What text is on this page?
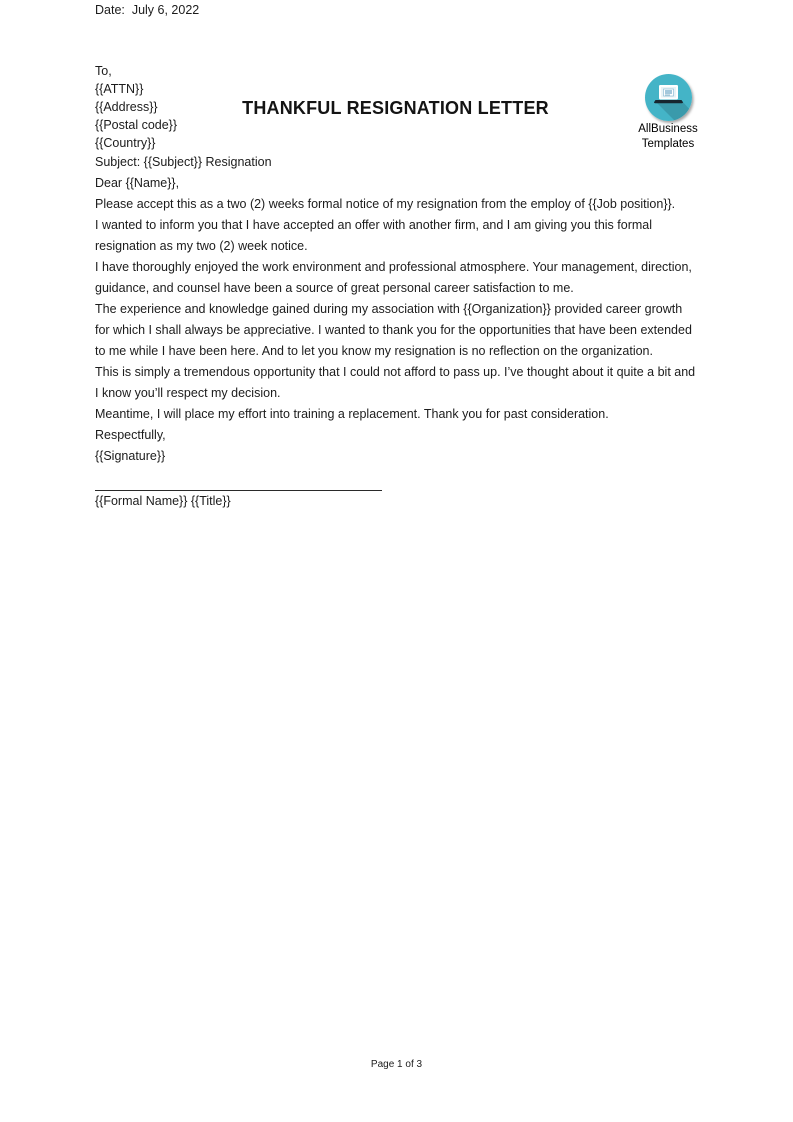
THANKFUL RESIGNATION LETTER
AllBusiness
Templates

Date:  July 6, 2022

To,

{{ATTN}}

{{Address}}

{{Postal code}}

{{Country}}

Subject: {{Subject}} Resignation

Dear {{Name}},

Please accept this as a two (2) weeks formal notice of my resignation from the employ of {{Job position}}.

I wanted to inform you that I have accepted an offer with another firm, and I am giving you this formal resignation as my two (2) week notice.

I have thoroughly enjoyed the work environment and professional atmosphere. Your management, direction, guidance, and counsel have been a source of great personal career satisfaction to me.

The experience and knowledge gained during my association with {{Organization}} provided career growth for which I shall always be appreciative. I wanted to thank you for the opportunities that have been extended to me while I have been here. And to let you know my resignation is no reflection on the organization.

This is simply a tremendous opportunity that I could not afford to pass up. I’ve thought about it quite a bit and I know you’ll respect my decision.

Meantime, I will place my effort into training a replacement. Thank you for past consideration.

Respectfully,

{{Signature}}

{{Formal Name}} {{Title}}

Page 1 of 3
